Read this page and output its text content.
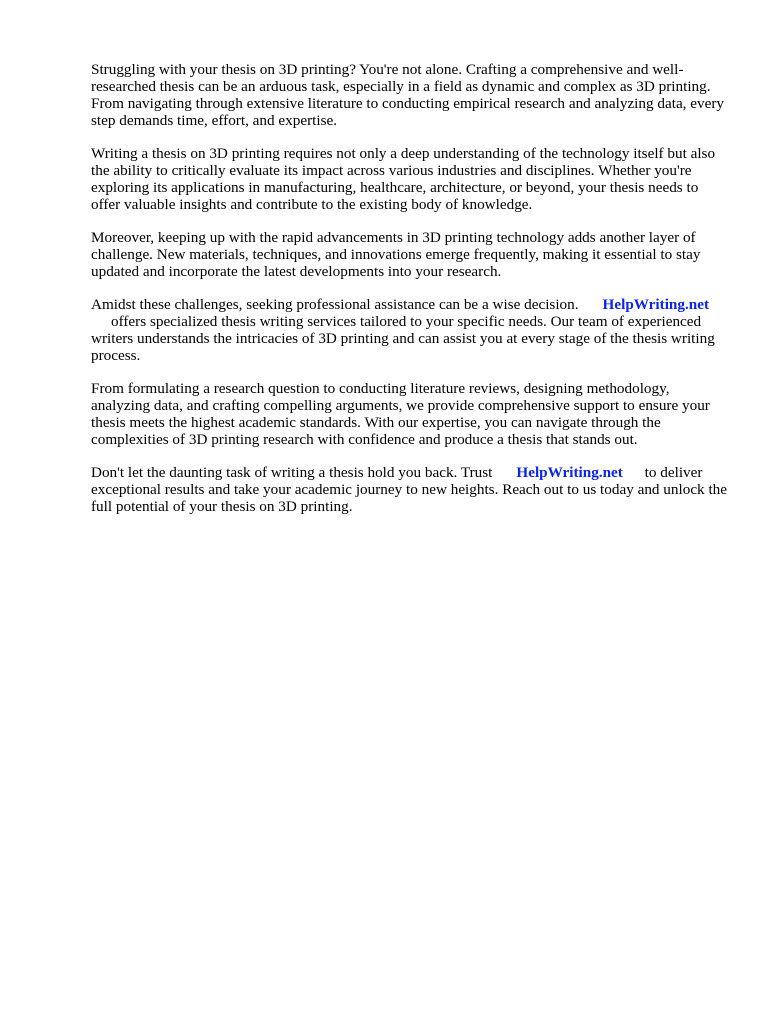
Struggling with your thesis on 3D printing? You're not alone. Crafting a comprehensive and well-researched thesis can be an arduous task, especially in a field as dynamic and complex as 3D printing. From navigating through extensive literature to conducting empirical research and analyzing data, every step demands time, effort, and expertise.

Writing a thesis on 3D printing requires not only a deep understanding of the technology itself but also the ability to critically evaluate its impact across various industries and disciplines. Whether you're exploring its applications in manufacturing, healthcare, architecture, or beyond, your thesis needs to offer valuable insights and contribute to the existing body of knowledge.

Moreover, keeping up with the rapid advancements in 3D printing technology adds another layer of challenge. New materials, techniques, and innovations emerge frequently, making it essential to stay updated and incorporate the latest developments into your research.

Amidst these challenges, seeking professional assistance can be a wise decision. HelpWriting.net
offers specialized thesis writing services tailored to your specific needs. Our team of experienced writers understands the intricacies of 3D printing and can assist you at every stage of the thesis writing process.

From formulating a research question to conducting literature reviews, designing methodology, analyzing data, and crafting compelling arguments, we provide comprehensive support to ensure your thesis meets the highest academic standards. With our expertise, you can navigate through the complexities of 3D printing research with confidence and produce a thesis that stands out.

Don't let the daunting task of writing a thesis hold you back. Trust HelpWriting.net to deliver exceptional results and take your academic journey to new heights. Reach out to us today and unlock the full potential of your thesis on 3D printing.
